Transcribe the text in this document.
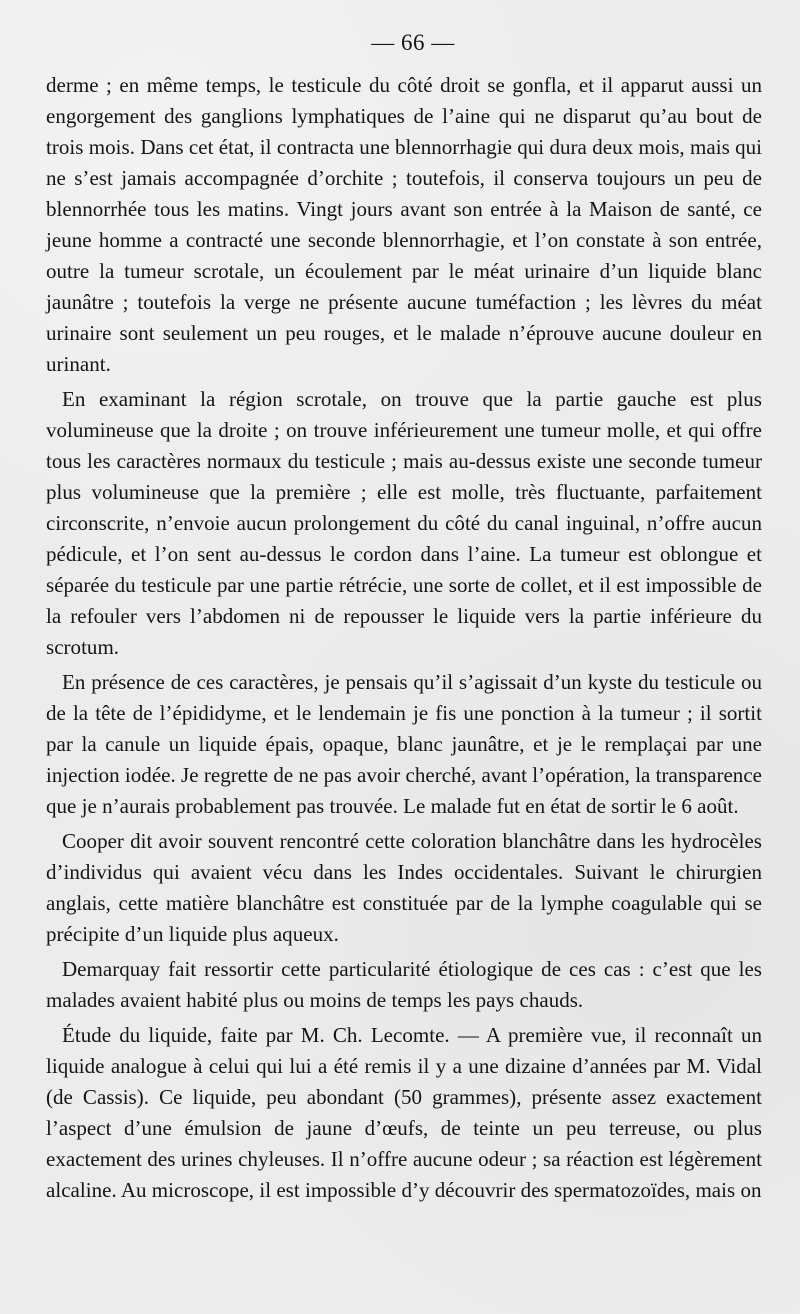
— 66 —

derme ; en même temps, le testicule du côté droit se gonfla, et il apparut aussi un engorgement des ganglions lymphatiques de l’aine qui ne disparut qu’au bout de trois mois. Dans cet état, il contracta une blennorrhagie qui dura deux mois, mais qui ne s’est jamais accompagnée d’orchite ; toutefois, il conserva toujours un peu de blennorrhée tous les matins. Vingt jours avant son entrée à la Maison de santé, ce jeune homme a contracté une seconde blennorrhagie, et l’on constate à son entrée, outre la tumeur scrotale, un écoulement par le méat urinaire d’un liquide blanc jaunâtre ; toutefois la verge ne présente aucune tuméfaction ; les lèvres du méat urinaire sont seulement un peu rouges, et le malade n’éprouve aucune douleur en urinant.

En examinant la région scrotale, on trouve que la partie gauche est plus volumineuse que la droite ; on trouve inférieurement une tumeur molle, et qui offre tous les caractères normaux du testicule ; mais au-dessus existe une seconde tumeur plus volumineuse que la première ; elle est molle, très fluctuante, parfaitement circonscrite, n’envoie aucun prolongement du côté du canal inguinal, n’offre aucun pédicule, et l’on sent au-dessus le cordon dans l’aine. La tumeur est oblongue et séparée du testicule par une partie rétrécie, une sorte de collet, et il est impossible de la refouler vers l’abdomen ni de repousser le liquide vers la partie inférieure du scrotum.

En présence de ces caractères, je pensais qu’il s’agissait d’un kyste du testicule ou de la tête de l’épididyme, et le lendemain je fis une ponction à la tumeur ; il sortit par la canule un liquide épais, opaque, blanc jaunâtre, et je le remplaçai par une injection iodée. Je regrette de ne pas avoir cherché, avant l’opération, la transparence que je n’aurais probablement pas trouvée. Le malade fut en état de sortir le 6 août.

Cooper dit avoir souvent rencontré cette coloration blanchâtre dans les hydrocèles d’individus qui avaient vécu dans les Indes occidentales. Suivant le chirurgien anglais, cette matière blanchâtre est constituée par de la lymphe coagulable qui se précipite d’un liquide plus aqueux.

Demarquay fait ressortir cette particularité étiologique de ces cas : c’est que les malades avaient habité plus ou moins de temps les pays chauds.

Étude du liquide, faite par M. Ch. Lecomte. — A première vue, il reconnaît un liquide analogue à celui qui lui a été remis il y a une dizaine d’années par M. Vidal (de Cassis). Ce liquide, peu abondant (50 grammes), présente assez exactement l’aspect d’une émulsion de jaune d’œufs, de teinte un peu terreuse, ou plus exactement des urines chyleuses. Il n’offre aucune odeur ; sa réaction est légèrement alcaline. Au microscope, il est impossible d’y découvrir des spermatozoïdes, mais on
